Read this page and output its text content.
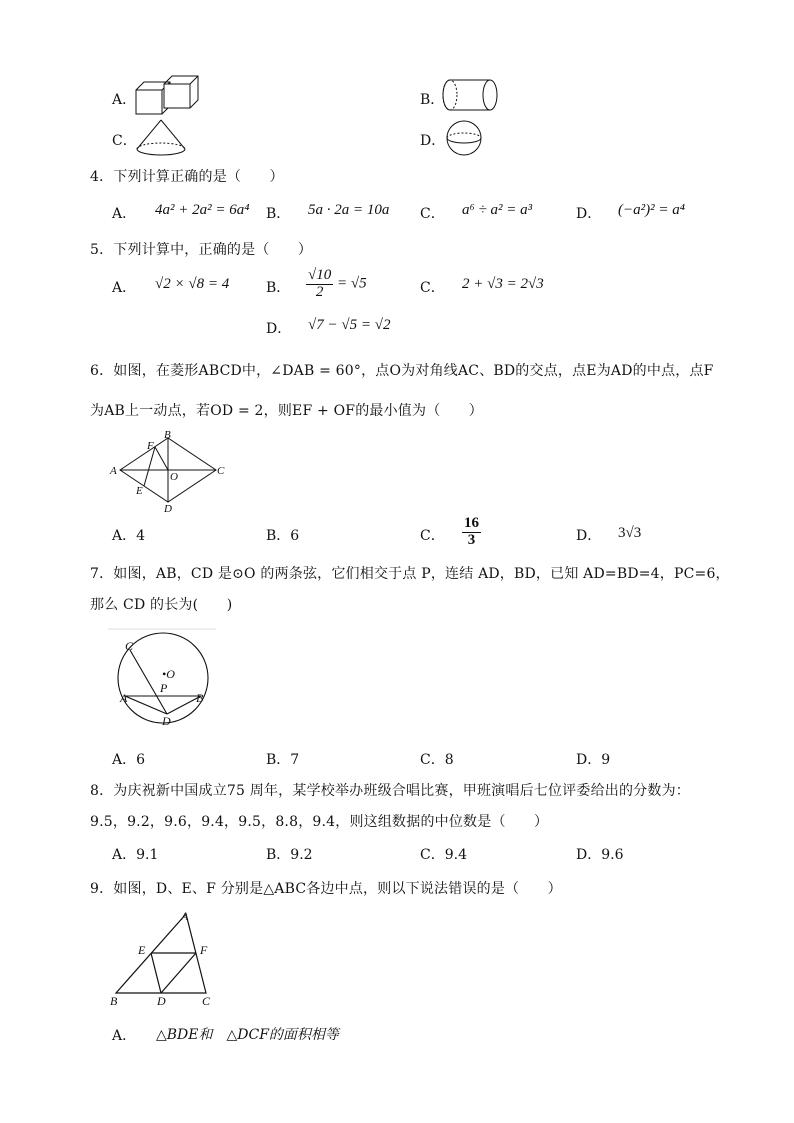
A．	B．
C．	D．
4．下列计算正确的是（　　）
A． 4a² + 2a² = 6a⁴ B． 5a · 2a = 10a C． a⁶ ÷ a² = a³	D． (−a²)² = a⁴
5．下列计算中，正确的是（　　）
A． √2 × √8 = 4	B． $\frac{√10}{2} = √5$	C． 2 + √3 = 2√3
D． √7 − √5 = √2
6．如图，在菱形ABCD中，∠DAB = 60°，点O为对角线AC、BD的交点，点E为AD的中点，点F
为AB上一动点，若OD = 2，则EF + OF的最小值为（　　）
A
B
C
D
E
F
O
A．4	B．6	C． $\frac{16}{3}$	D． 3√3
7．如图，AB，CD 是⊙O 的两条弦，它们相交于点 P，连结 AD，BD，已知 AD=BD=4，PC=6，
那么 CD 的长为(　　)
C
•O
P
A	B
D
A．6	B．7	C．8	D．9
8．为庆祝新中国成立75 周年，某学校举办班级合唱比赛，甲班演唱后七位评委给出的分数为：
9.5，9.2，9.6，9.4，9.5，8.8，9.4，则这组数据的中位数是（　　）
A．9.1	B．9.2	C．9.4	D．9.6
9．如图，D、E、F 分别是△ABC各边中点，则以下说法错误的是（　　）
A
E	F
B	D	C
A． △BDE和　△DCF的面积相等
